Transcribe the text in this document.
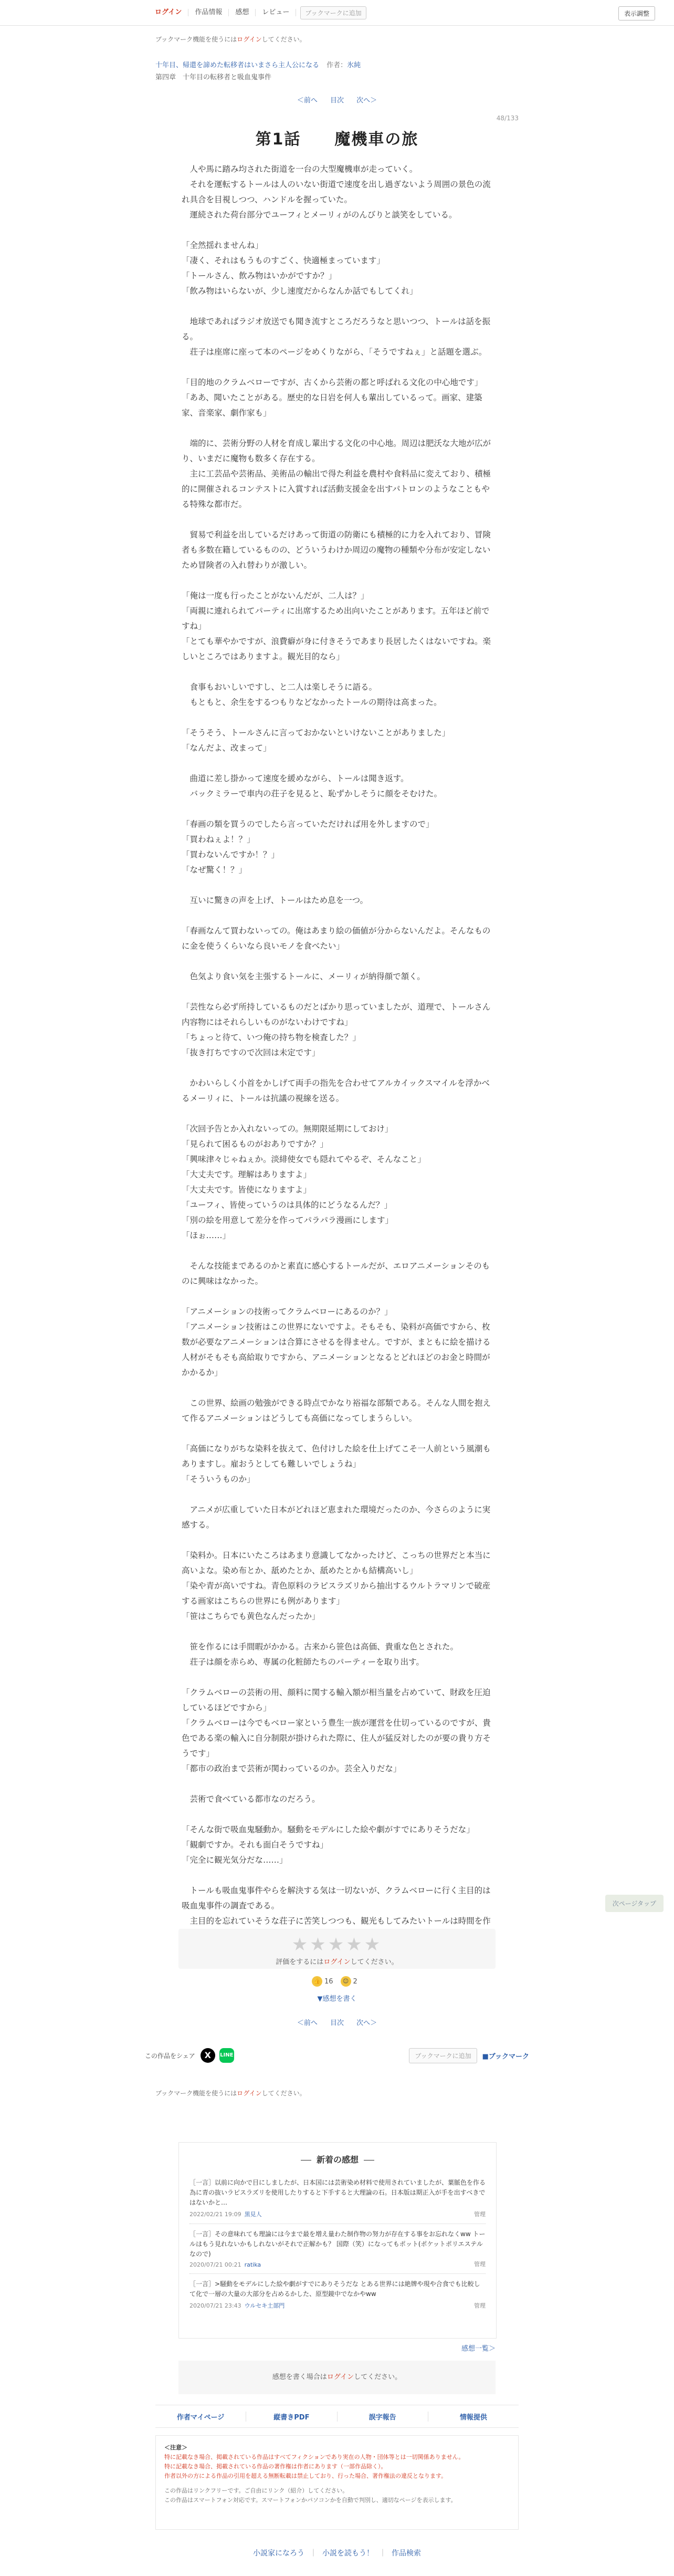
ログイン	作品情報	感想	レビュー	ブックマークに追加	表示調整
ブックマーク機能を使うにはログインしてください。
十年目、帰還を諦めた転移者はいまさら主人公になる 作者：氷純
第四章　十年目の転移者と吸血鬼事件
＜前へ 目次 次へ＞
48/133
第1話　　魔機車の旅

　人や馬に踏み均された街道を一台の大型魔機車が走っていく。

　それを運転するトールは人のいない街道で速度を出し過ぎないよう周囲の景色の流れ具合を目視しつつ、ハンドルを握っていた。

　運続された荷台部分でユーフィとメーリィがのんびりと談笑をしている。

「全然揺れませんね」

「凄く、それはもうものすごく、快適極まっています」

「トールさん、飲み物はいかがですか？」

「飲み物はいらないが、少し速度だからなんか話でもしてくれ」

　地球であればラジオ放送でも聞き流すところだろうなと思いつつ、トールは話を振る。

　荘子は座席に座って本のページをめくりながら、「そうですねぇ」と話題を選ぶ。

「目的地のクラムベローですが、古くから芸術の都と呼ばれる文化の中心地です」

「ああ、聞いたことがある。歴史的な日岩を何人も輩出しているって。画家、建築家、音楽家、劇作家も」

　端的に、芸術分野の人材を育成し輩出する文化の中心地。周辺は肥沃な大地が広がり、いまだに魔物も数多く存在する。

　主に工芸品や芸術品、美術品の輸出で得た利益を農村や食料品に変えており、積極的に開催されるコンテストに入賞すれば活動支援金を出すパトロンのようなこともやる特殊な都市だ。

　貿易で利益を出しているだけあって街道の防衛にも積極的に力を入れており、冒険者も多数在籍しているものの、どういうわけか周辺の魔物の種類や分布が安定しないため冒険者の入れ替わりが激しい。

「俺は一度も行ったことがないんだが、二人は？」

「両親に連れられてパーティに出席するため出向いたことがあります。五年ほど前ですね」

「とても華やかですが、浪費癖が身に付きそうであまり長居したくはないですね。楽しいところではありますよ。観光目的なら」

　食事もおいしいですし、と二人は楽しそうに語る。

　もともと、余生をするつもりなどなかったトールの期待は高まった。

「そうそう、トールさんに言っておかないといけないことがありました」

「なんだよ、改まって」

　曲道に差し掛かって速度を緩めながら、トールは聞き返す。

　バックミラーで車内の荘子を見ると、恥ずかしそうに顔をそむけた。

「春画の類を買うのでしたら言っていただければ用を外しますので」

「買わねぇよ！？」

「買わないんですか！？」

「なぜ驚く！？」

　互いに驚きの声を上げ、トールはため息を一つ。

「春画なんて買わないっての。俺はあまり絵の価値が分からないんだよ。そんなものに金を使うくらいなら良いモノを食べたい」

　色気より食い気を主張するトールに、メーリィが納得顔で頷く。

「芸性なら必ず所持しているものだとばかり思っていましたが、道理で、トールさん内容物にはそれらしいものがないわけですね」

「ちょっと待て、いつ俺の持ち物を検査した？」

「抜き打ちですので次回は未定です」

　かわいらしく小首をかしげて両手の指先を合わせてアルカイックスマイルを浮かべるメーリィに、トールは抗議の視線を送る。

「次回予告とか入れないっての。無期限延期にしておけ」

「見られて困るものがおありですか？」

「興味津々じゃねぇか。淡緋使女でも隠れてやるぞ、そんなこと」

「大丈夫です。理解はありますよ」

「大丈夫です。皆使になりますよ」

「ユーフィ、皆使っていうのは具体的にどうなるんだ？」

「別の絵を用意して差分を作ってパラパラ漫画にします」

「ほぉ……」

　そんな技能まであるのかと素直に感心するトールだが、エロアニメーションそのものに興味はなかった。

「アニメーションの技術ってクラムベローにあるのか？」

「アニメーション技術はこの世界にないですよ。そもそも、染料が高価ですから、枚数が必要なアニメーションは合算にさせるを得ません。ですが、まともに絵を描ける人材がそもそも高給取りですから、アニメーションとなるとどれほどのお金と時間がかかるか」

　この世界、絵画の勉強ができる時点でかなり裕福な部類である。そんな人間を抱えて作るアニメーションはどうしても高価になってしまうらしい。

「高価になりがちな染料を抜えて、色付けした絵を仕上げてこそ一人前という風潮もありますし。雇おうとしても難しいでしょうね」

「そういうものか」

　アニメが広重していた日本がどれほど恵まれた環境だったのか、今さらのように実感する。

「染料か。日本にいたころはあまり意識してなかったけど、こっちの世界だと本当に高いよな。染め布とか、舐めたとか、舐めたとかも結構高いし」

「染や青が高いですね。青色原料のラピスラズリから抽出するウルトラマリンで破産する画家はこちらの世界にも例があります」

「笹はこちらでも黄色なんだったか」

　笹を作るには手間暇がかかる。古来から笹色は高価、貴重な色とされた。

　荘子は顔を赤らめ、専属の化粧師たちのパーティーを取り出す。

「クラムベローの芸術の用、顔料に関する輸入額が相当量を占めていて、財政を圧迫しているほどですから」

「クラムベローは今でもベロー家という豊生一族が運営を仕切っているのですが、貴色である楽の輸入に自分制限が掛けられた際に、住人が猛反対したのが要の貴り方そうです」

「都市の政治まで芸術が関わっているのか。芸全入りだな」

　芸術で食べている都市なのだろう。

「そんな街で吸血鬼騒動か。騒動をモデルにした絵や劇がすでにありそうだな」

「観劇ですか。それも面白そうですね」

「完全に観光気分だな……」

　トールも吸血鬼事件やらを解決する気は一切ないが、クラムベローに行く主目的は吸血鬼事件の調査である。

　主目的を忘れていそうな荘子に苦笑しつつも、観光もしてみたいトールは時間を作

次ページタップ
★★★★★
評価をするにはログインしてください。
👍 16	😊 2
▼感想を書く
＜前へ 目次 次へ＞
この作品をシェア	X	LINE	ブックマークに追加	■ブックマーク
ブックマーク機能を使うにはログインしてください。
新着の感想
［一言］以前に向かで目にしましたが、日本国には芸術染め材料で使用されていましたが、葉脈色を作る為に青の抜いラピスラズリを使用したりすると下手すると大理論の石。日本版は期正入が手を出すべきではないかと…
2022/02/21 19:09 黒見人	管理
［一言］その意味れても理論には今まで最を増え量わた制作物の努力が存在する事をお忘れなくww トールはもう見れないかもしれないがそれで正解かも？ 国際（笑）になってもポット(ポケットポリエステルなので)
2020/07/21 00:21 ratika	管理
［一言］>騒動をモデルにした絵や劇がすでにありそうだな とある世界には絶牌や現や合食でも比較して化で一層の大量の大部分を占めるかした、原型鏡中でなかやww
2020/07/21 23:43 ウルセキ土部門	管理
感想一覧＞
感想を書く場合はログインしてください。
作者マイページ	縦書きPDF	誤字報告	情報提供
＜注意＞
特に記載なき場合、掲載されている作品はすべてフィクションであり実在の人物・団体等とは一切関係ありません。
特に記載なき場合、掲載されている作品の著作権は作者にあります（一部作品除く）。
作者以外の方による作品の引用を超える無断転載は禁止しており、行った場合、著作権法の違反となります。
この作品はリンクフリーです。ご自由にリンク（紹介）してください。
この作品はスマートフォン対応です。スマートフォンかパソコンかを自動で判別し、適切なページを表示します。
小説家になろう ｜ 小説を読もう！ ｜ 作品検索
